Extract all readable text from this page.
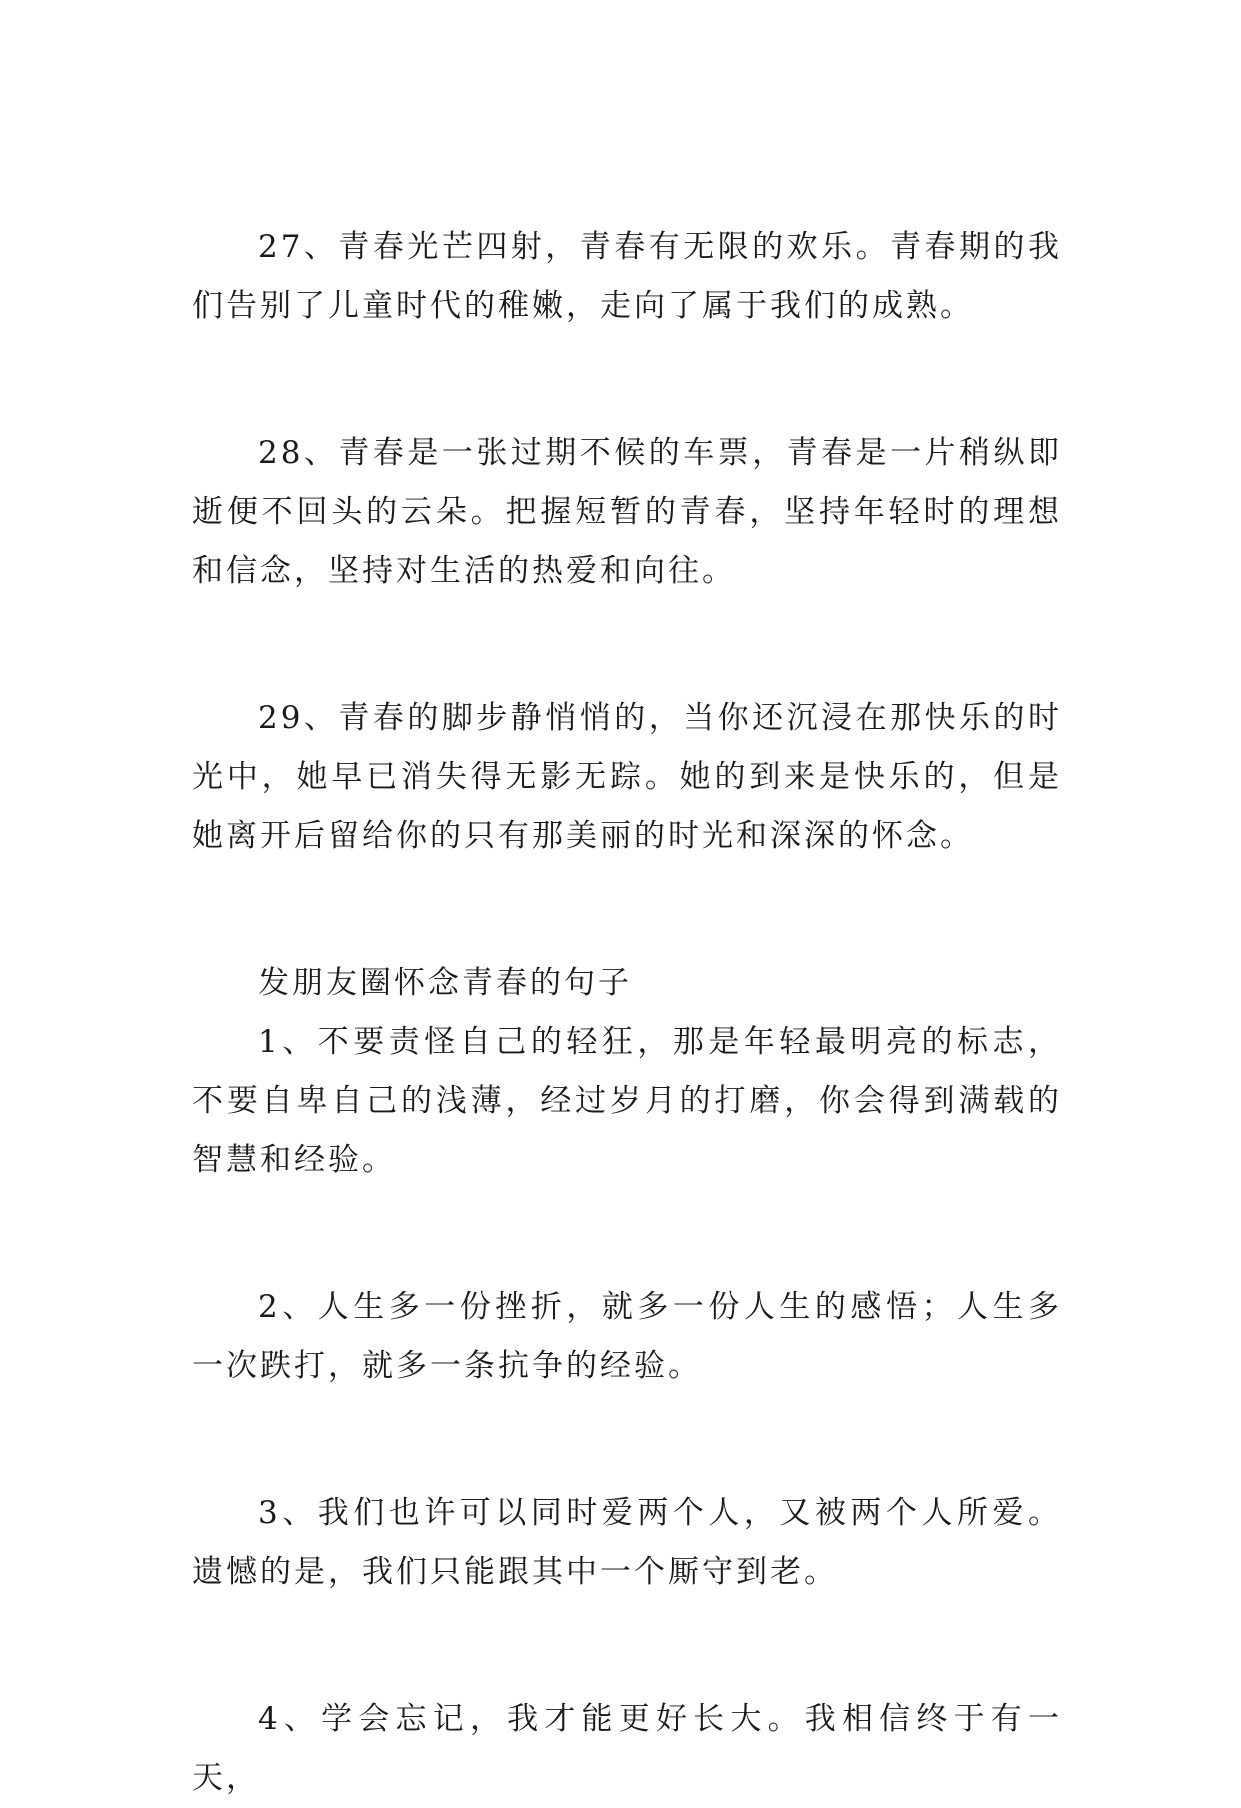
27、青春光芒四射，青春有无限的欢乐。青春期的我们告别了儿童时代的稚嫩，走向了属于我们的成熟。

28、青春是一张过期不候的车票，青春是一片稍纵即逝便不回头的云朵。把握短暂的青春，坚持年轻时的理想和信念，坚持对生活的热爱和向往。

29、青春的脚步静悄悄的，当你还沉浸在那快乐的时光中，她早已消失得无影无踪。她的到来是快乐的，但是她离开后留给你的只有那美丽的时光和深深的怀念。

发朋友圈怀念青春的句子

1、不要责怪自己的轻狂，那是年轻最明亮的标志，不要自卑自己的浅薄，经过岁月的打磨，你会得到满载的智慧和经验。

2、人生多一份挫折，就多一份人生的感悟；人生多一次跌打，就多一条抗争的经验。

3、我们也许可以同时爱两个人，又被两个人所爱。遗憾的是，我们只能跟其中一个厮守到老。

4、学会忘记，我才能更好长大。我相信终于有一天，
